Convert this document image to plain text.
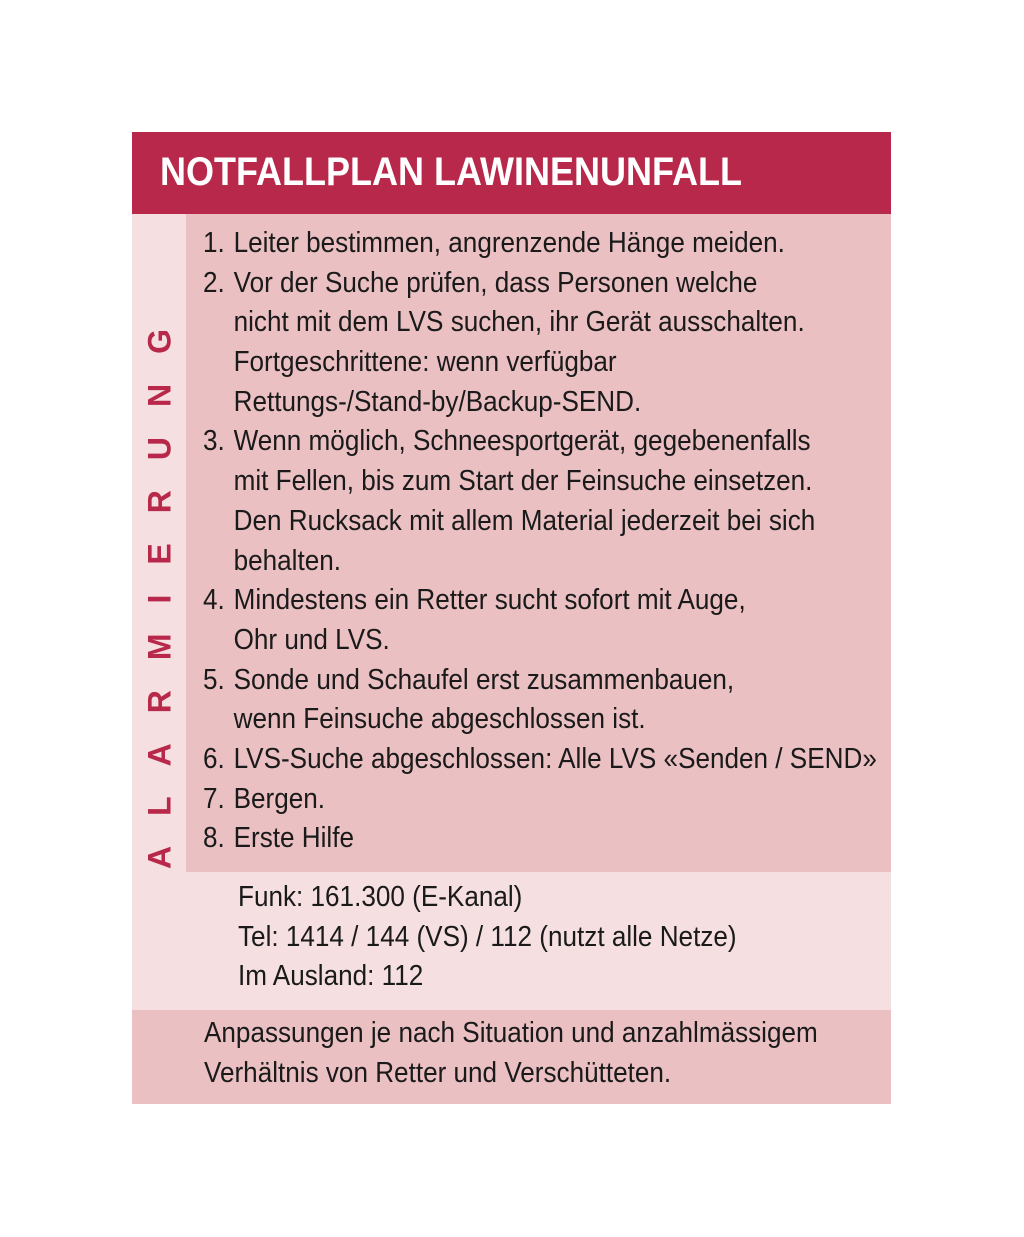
NOTFALLPLAN LAWINENUNFALL
ALARMIERUNG
1. Leiter bestimmen, angrenzende Hänge meiden.
2. Vor der Suche prüfen, dass Personen welche
nicht mit dem LVS suchen, ihr Gerät ausschalten.
Fortgeschrittene: wenn verfügbar
Rettungs-/Stand-by/Backup-SEND.
3. Wenn möglich, Schneesportgerät, gegebenenfalls
mit Fellen, bis zum Start der Feinsuche einsetzen.
Den Rucksack mit allem Material jederzeit bei sich
behalten.
4. Mindestens ein Retter sucht sofort mit Auge,
Ohr und LVS.
5. Sonde und Schaufel erst zusammenbauen,
wenn Feinsuche abgeschlossen ist.
6. LVS-Suche abgeschlossen: Alle LVS «Senden / SEND»
7. Bergen.
8. Erste Hilfe
Funk: 161.300 (E-Kanal)
Tel: 1414 / 144 (VS) / 112 (nutzt alle Netze)
Im Ausland: 112
Anpassungen je nach Situation und anzahlmässigem
Verhältnis von Retter und Verschütteten.
